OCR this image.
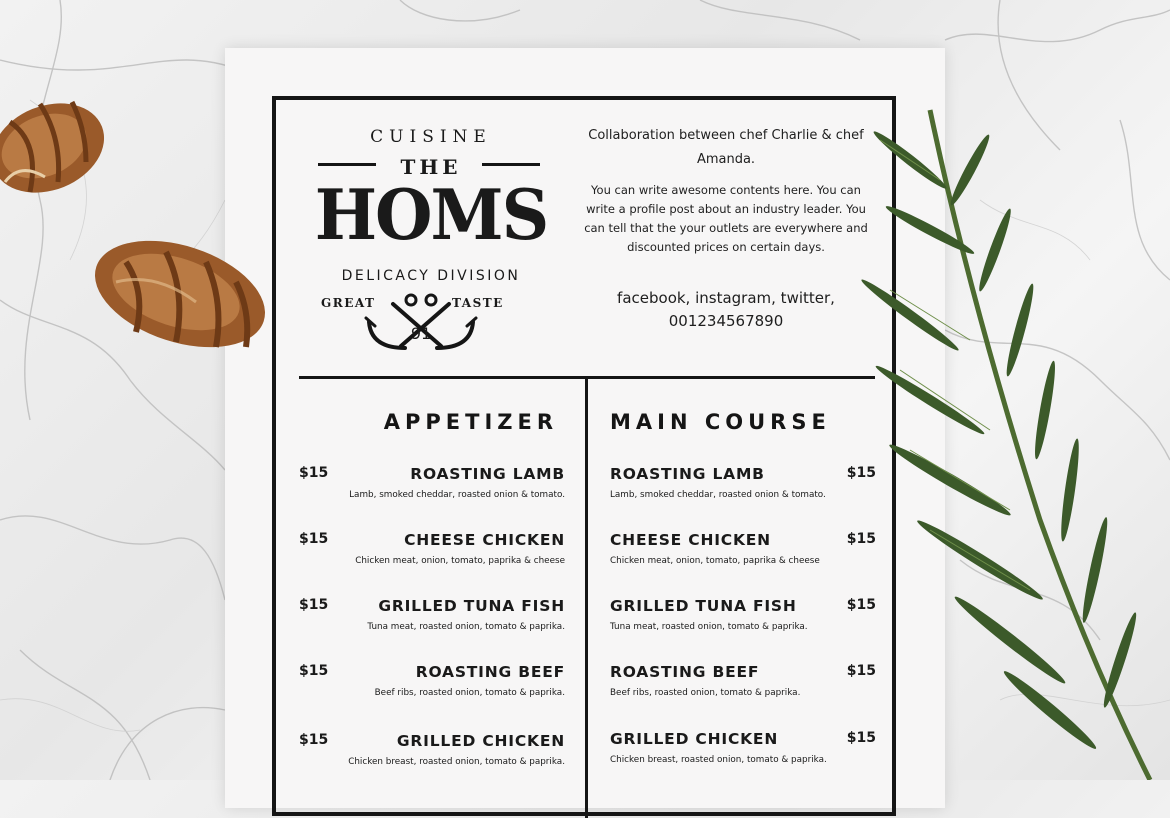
CUISINE
THE
HOMS
DELICACY DIVISION
GREAT	TASTE
91
Collaboration between chef Charlie & chef Amanda.
You can write awesome contents here. You can write a profile post about an industry leader. You can tell that the your outlets are everywhere and discounted prices on certain days.
facebook, instagram, twitter,
001234567890
APPETIZER MAIN COURSE
$15	ROASTING LAMB
Lamb, smoked cheddar, roasted onion & tomato.
$15	CHEESE CHICKEN
Chicken meat, onion, tomato, paprika & cheese
$15	GRILLED TUNA FISH
Tuna meat, roasted onion, tomato & paprika.
$15	ROASTING BEEF
Beef ribs, roasted onion, tomato & paprika.
$15	GRILLED CHICKEN
Chicken breast, roasted onion, tomato & paprika.
ROASTING LAMB	$15
Lamb, smoked cheddar, roasted onion & tomato.
CHEESE CHICKEN	$15
Chicken meat, onion, tomato, paprika & cheese
GRILLED TUNA FISH	$15
Tuna meat, roasted onion, tomato & paprika.
ROASTING BEEF	$15
Beef ribs, roasted onion, tomato & paprika.
GRILLED CHICKEN	$15
Chicken breast, roasted onion, tomato & paprika.
